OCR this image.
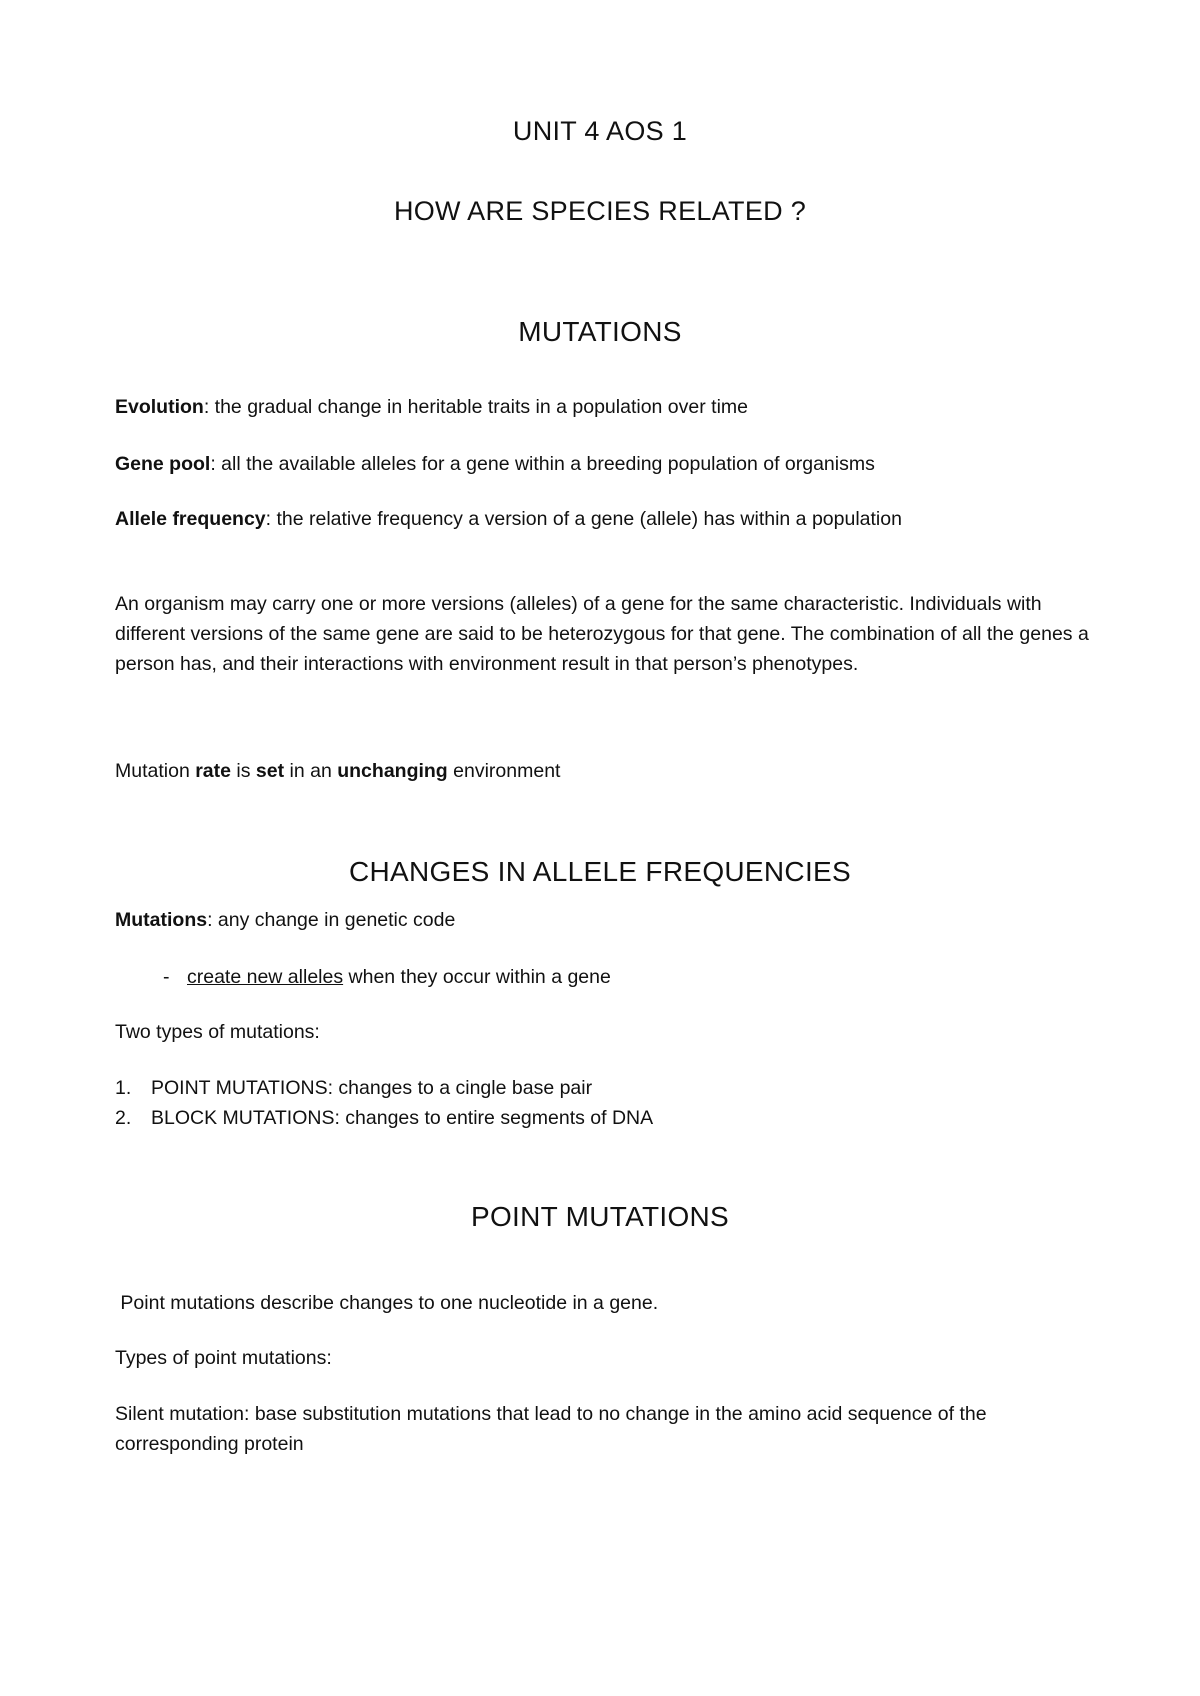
UNIT 4 AOS 1
HOW ARE SPECIES RELATED ?
MUTATIONS

Evolution: the gradual change in heritable traits in a population over time

Gene pool: all the available alleles for a gene within a breeding population of organisms

Allele frequency: the relative frequency a version of a gene (allele) has within a population

An organism may carry one or more versions (alleles) of a gene for the same characteristic. Individuals with different versions of the same gene are said to be heterozygous for that gene. The combination of all the genes a person has, and their interactions with environment result in that person’s phenotypes.

Mutation rate is set in an unchanging environment

CHANGES IN ALLELE FREQUENCIES

Mutations: any change in genetic code

- create new alleles when they occur within a gene

Two types of mutations:

1. POINT MUTATIONS: changes to a cingle base pair
2. BLOCK MUTATIONS: changes to entire segments of DNA
POINT MUTATIONS

Point mutations describe changes to one nucleotide in a gene.

Types of point mutations:

Silent mutation: base substitution mutations that lead to no change in the amino acid sequence of the corresponding protein
